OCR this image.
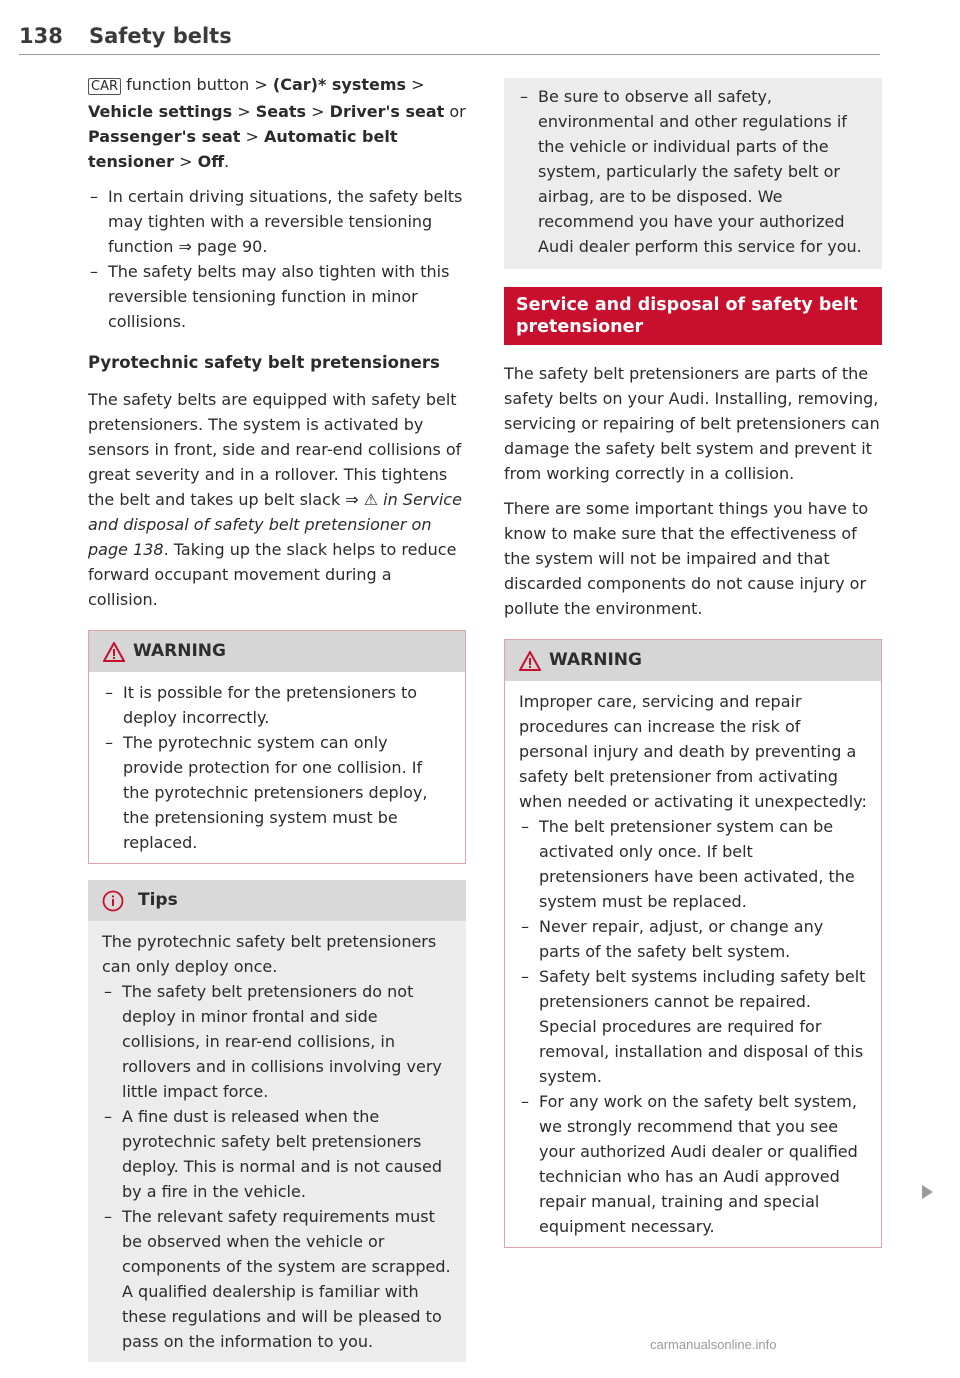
138 Safety belts

CAR function button > (Car)* systems > Vehicle settings > Seats > Driver's seat or Passenger's seat > Automatic belt tensioner > Off.

– In certain driving situations, the safety belts may tighten with a reversible tensioning function ⇒ page 90.
– The safety belts may also tighten with this reversible tensioning function in minor collisions.
Pyrotechnic safety belt pretensioners

The safety belts are equipped with safety belt pretensioners. The system is activated by sensors in front, side and rear-end collisions of great severity and in a rollover. This tightens the belt and takes up belt slack ⇒ ⚠ in Service and disposal of safety belt pretensioner on page 138. Taking up the slack helps to reduce forward occupant movement during a collision.

WARNING
– It is possible for the pretensioners to deploy incorrectly.
– The pyrotechnic system can only provide protection for one collision. If the pyrotechnic pretensioners deploy, the pretensioning system must be replaced.
Tips

The pyrotechnic safety belt pretensioners can only deploy once.

– The safety belt pretensioners do not deploy in minor frontal and side collisions, in rear-end collisions, in rollovers and in collisions involving very little impact force.
– A fine dust is released when the pyrotechnic safety belt pretensioners deploy. This is normal and is not caused by a fire in the vehicle.
– The relevant safety requirements must be observed when the vehicle or components of the system are scrapped. A qualified dealership is familiar with these regulations and will be pleased to pass on the information to you.
– Be sure to observe all safety, environmental and other regulations if the vehicle or individual parts of the system, particularly the safety belt or airbag, are to be disposed. We recommend you have your authorized Audi dealer perform this service for you.
Service and disposal of safety belt pretensioner

The safety belt pretensioners are parts of the safety belts on your Audi. Installing, removing, servicing or repairing of belt pretensioners can damage the safety belt system and prevent it from working correctly in a collision.

There are some important things you have to know to make sure that the effectiveness of the system will not be impaired and that discarded components do not cause injury or pollute the environment.

WARNING

Improper care, servicing and repair procedures can increase the risk of personal injury and death by preventing a safety belt pretensioner from activating when needed or activating it unexpectedly:

– The belt pretensioner system can be activated only once. If belt pretensioners have been activated, the system must be replaced.
– Never repair, adjust, or change any parts of the safety belt system.
– Safety belt systems including safety belt pretensioners cannot be repaired. Special procedures are required for removal, installation and disposal of this system.
– For any work on the safety belt system, we strongly recommend that you see your authorized Audi dealer or qualified technician who has an Audi approved repair manual, training and special equipment necessary.
carmanualsonline.info
